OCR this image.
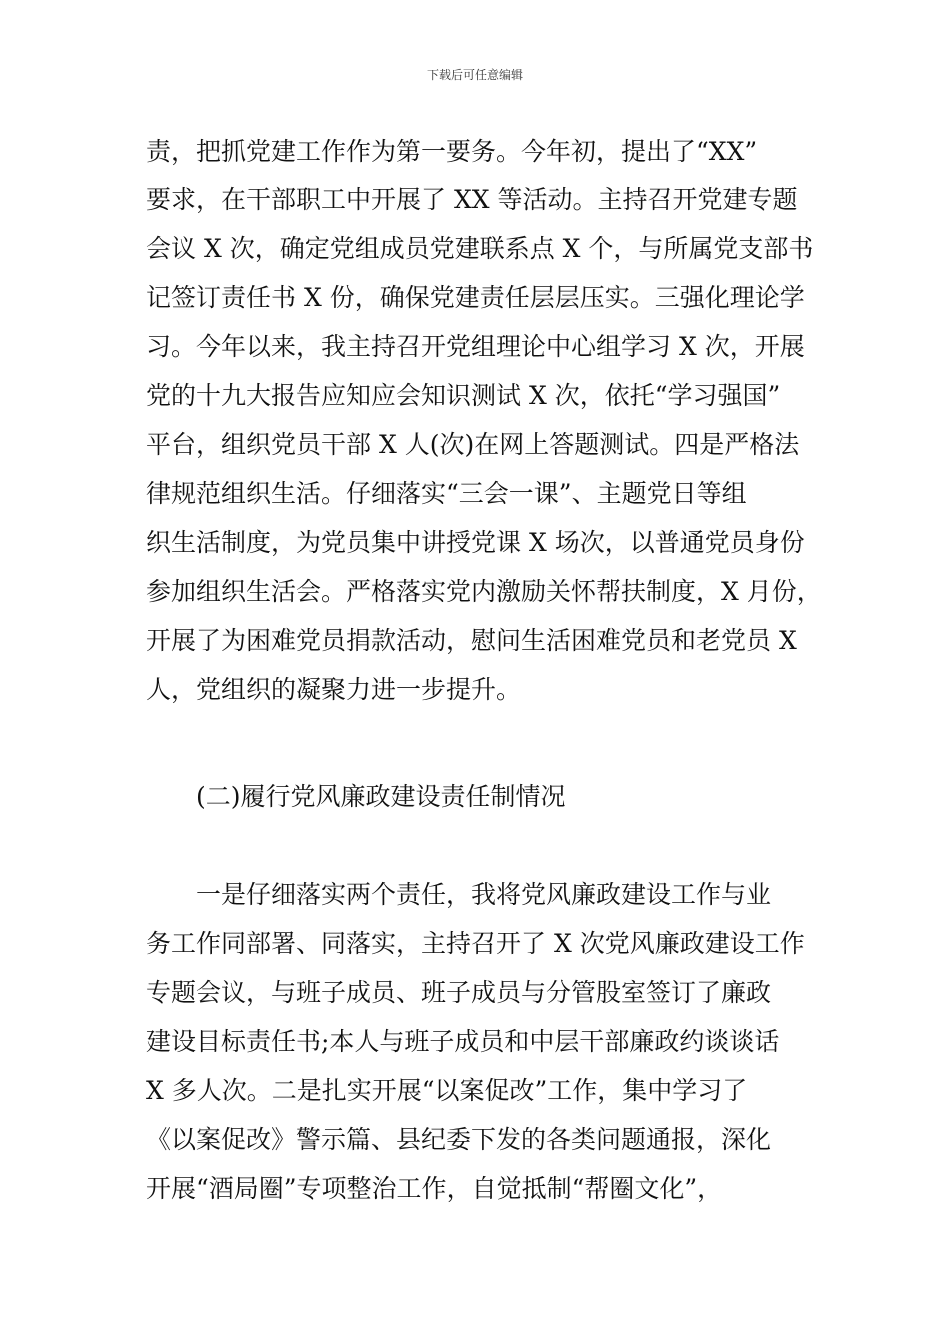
下载后可任意编辑
责，把抓党建工作作为第一要务。今年初，提出了“XX”
要求，在干部职工中开展了 XX 等活动。主持召开党建专题
会议 X 次，确定党组成员党建联系点 X 个，与所属党支部书
记签订责任书 X 份，确保党建责任层层压实。三强化理论学
习。今年以来，我主持召开党组理论中心组学习 X 次，开展
党的十九大报告应知应会知识测试 X 次，依托“学习强国”
平台，组织党员干部 X 人(次)在网上答题测试。四是严格法
律规范组织生活。仔细落实“三会一课”、主题党日等组
织生活制度，为党员集中讲授党课 X 场次，以普通党员身份
参加组织生活会。严格落实党内激励关怀帮扶制度，X 月份，
开展了为困难党员捐款活动，慰问生活困难党员和老党员 X
人，党组织的凝聚力进一步提升。
(二)履行党风廉政建设责任制情况
一是仔细落实两个责任，我将党风廉政建设工作与业
务工作同部署、同落实，主持召开了 X 次党风廉政建设工作
专题会议，与班子成员、班子成员与分管股室签订了廉政
建设目标责任书;本人与班子成员和中层干部廉政约谈谈话
X 多人次。二是扎实开展“以案促改”工作，集中学习了
《以案促改》警示篇、县纪委下发的各类问题通报，深化
开展“酒局圈”专项整治工作，自觉抵制“帮圈文化”，
